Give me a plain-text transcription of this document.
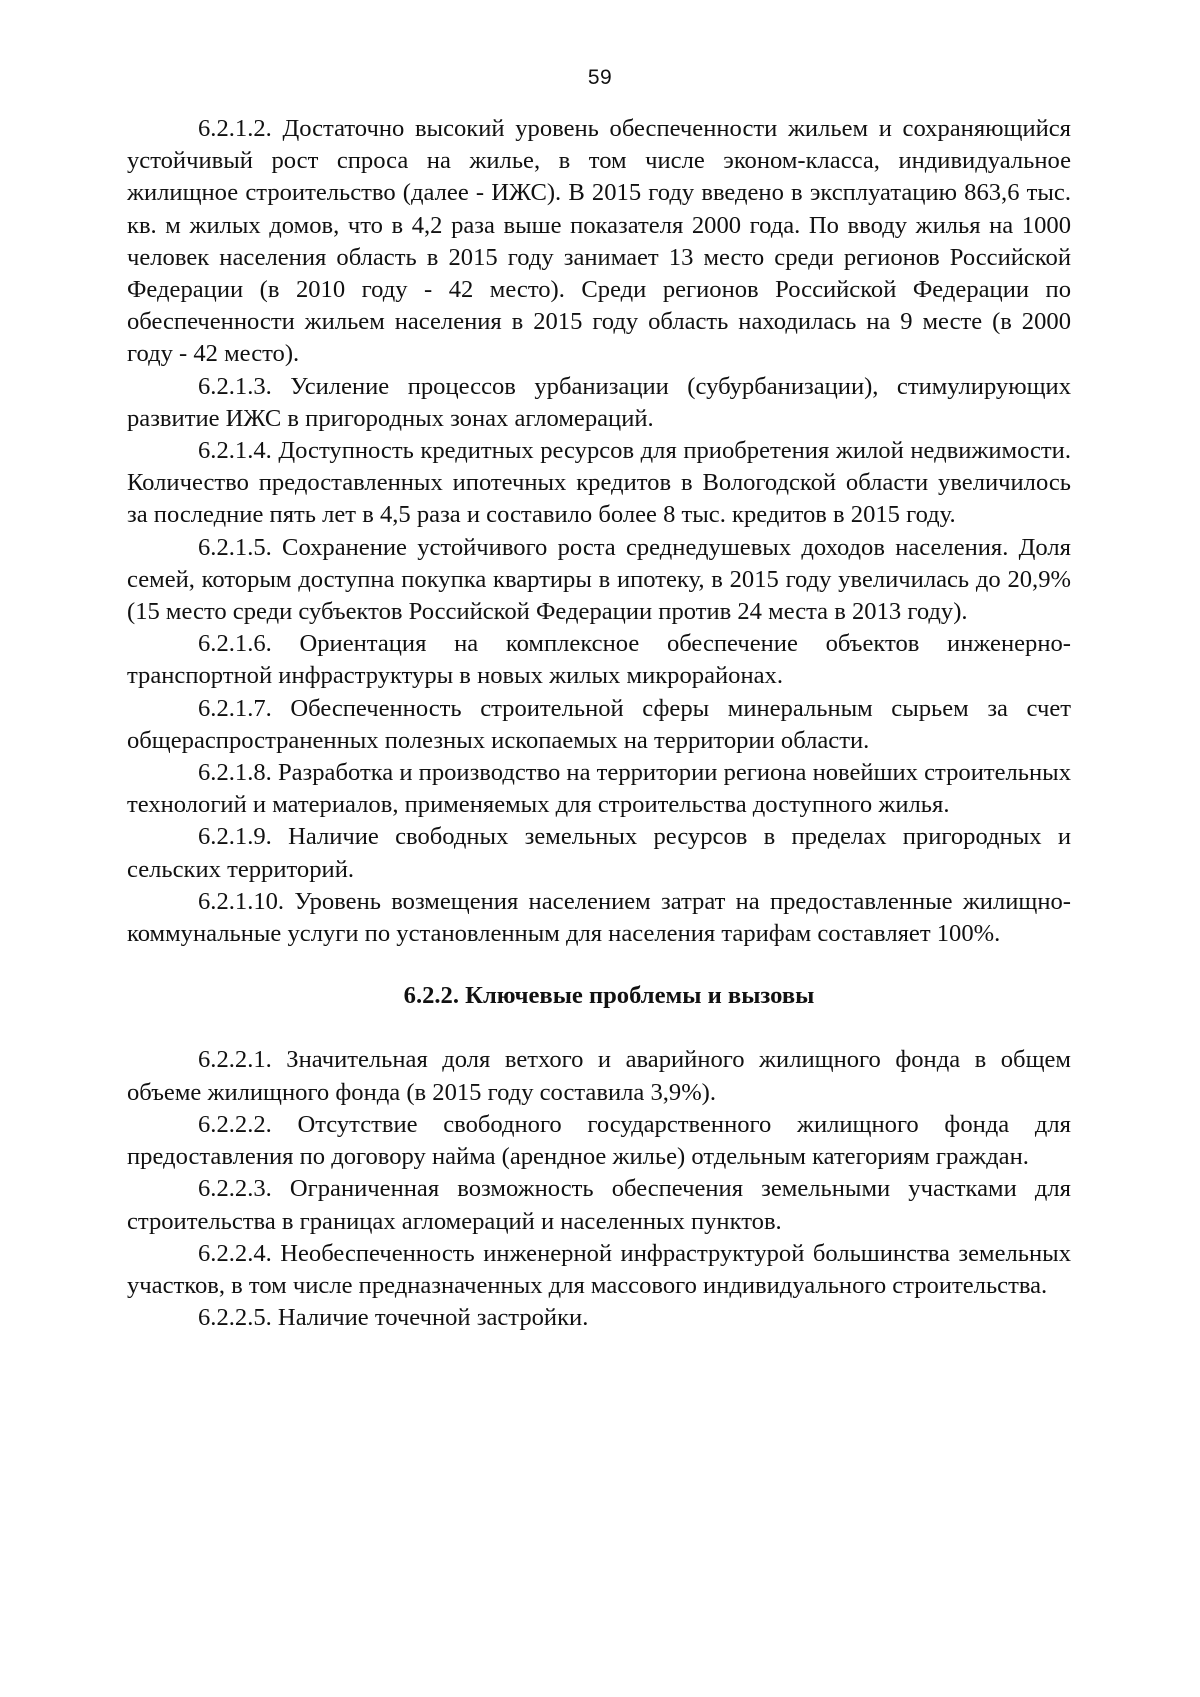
59

6.2.1.2. Достаточно высокий уровень обеспеченности жильем и сохраняющийся устойчивый рост спроса на жилье, в том числе эконом-класса, индивидуальное жилищное строительство (далее - ИЖС). В 2015 году введено в эксплуатацию 863,6 тыс. кв. м жилых домов, что в 4,2 раза выше показателя 2000 года. По вводу жилья на 1000 человек населения область в 2015 году занимает 13 место среди регионов Российской Федерации (в 2010 году - 42 место). Среди регионов Российской Федерации по обеспеченности жильем населения в 2015 году область находилась на 9 месте (в 2000 году - 42 место).

6.2.1.3. Усиление процессов урбанизации (субурбанизации), стимулирующих развитие ИЖС в пригородных зонах агломераций.

6.2.1.4. Доступность кредитных ресурсов для приобретения жилой недвижимости. Количество предоставленных ипотечных кредитов в Вологодской области увеличилось за последние пять лет в 4,5 раза и составило более 8 тыс. кредитов в 2015 году.

6.2.1.5. Сохранение устойчивого роста среднедушевых доходов населения. Доля семей, которым доступна покупка квартиры в ипотеку, в 2015 году увеличилась до 20,9% (15 место среди субъектов Российской Федерации против 24 места в 2013 году).

6.2.1.6. Ориентация на комплексное обеспечение объектов инженерно-транспортной инфраструктуры в новых жилых микрорайонах.

6.2.1.7. Обеспеченность строительной сферы минеральным сырьем за счет общераспространенных полезных ископаемых на территории области.

6.2.1.8. Разработка и производство на территории региона новейших строительных технологий и материалов, применяемых для строительства доступного жилья.

6.2.1.9. Наличие свободных земельных ресурсов в пределах пригородных и сельских территорий.

6.2.1.10. Уровень возмещения населением затрат на предоставленные жилищно-коммунальные услуги по установленным для населения тарифам составляет 100%.

6.2.2. Ключевые проблемы и вызовы

6.2.2.1. Значительная доля ветхого и аварийного жилищного фонда в общем объеме жилищного фонда (в 2015 году составила 3,9%).

6.2.2.2. Отсутствие свободного государственного жилищного фонда для предоставления по договору найма (арендное жилье) отдельным категориям граждан.

6.2.2.3. Ограниченная возможность обеспечения земельными участками для строительства в границах агломераций и населенных пунктов.

6.2.2.4. Необеспеченность инженерной инфраструктурой большинства земельных участков, в том числе предназначенных для массового индивидуального строительства.

6.2.2.5. Наличие точечной застройки.
